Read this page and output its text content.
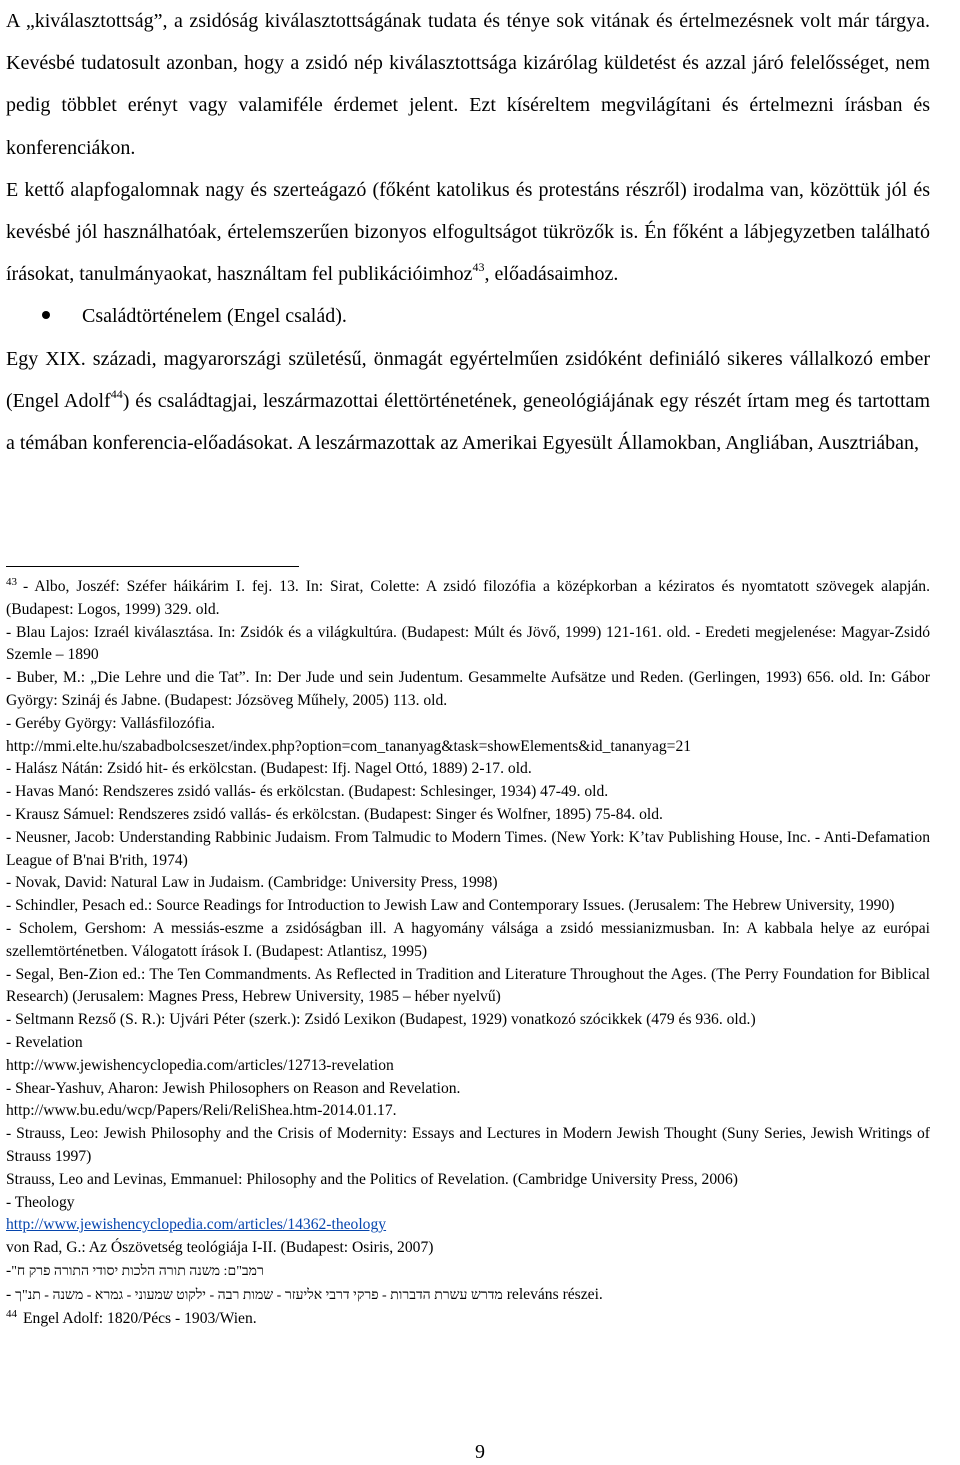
A „kiválasztottság”, a zsidóság kiválasztottságának tudata és ténye sok vitának és értelmezésnek volt már tárgya. Kevésbé tudatosult azonban, hogy a zsidó nép kiválasztottsága kizárólag küldetést és azzal járó felelősséget, nem pedig többlet erényt vagy valamiféle érdemet jelent. Ezt kíséreltem megvilágítani és értelmezni írásban és konferenciákon.

E kettő alapfogalomnak nagy és szerteágazó (főként katolikus és protestáns részről) irodalma van, közöttük jól és kevésbé jól használhatóak, értelemszerűen bizonyos elfogultságot tükrözők is. Én főként a lábjegyzetben található írásokat, tanulmányaokat, használtam fel publikációimhoz$^{43}$, előadásaimhoz.

Családtörténelem (Engel család).

Egy XIX. századi, magyarországi születésű, önmagát egyértelműen zsidóként definiáló sikeres vállalkozó ember (Engel Adolf$^{44}$) és családtagjai, leszármazottai élettörténetének, geneológiájának egy részét írtam meg és tartottam a témában konferencia-előadásokat. A leszármazottak az Amerikai Egyesült Államokban, Angliában, Ausztriában,

$^{43}$ - Albo, Joszéf: Széfer háikárim I. fej. 13. In: Sirat, Colette: A zsidó filozófia a középkorban a kéziratos és nyomtatott szövegek alapján. (Budapest: Logos, 1999) 329. old.

- Blau Lajos: Izraél kiválasztása. In: Zsidók és a világkultúra. (Budapest: Múlt és Jövő, 1999) 121-161. old. - Eredeti megjelenése: Magyar-Zsidó Szemle – 1890

- Buber, M.: „Die Lehre und die Tat”. In: Der Jude und sein Judentum. Gesammelte Aufsätze und Reden. (Gerlingen, 1993) 656. old. In: Gábor György: Szináj és Jabne. (Budapest: Józsöveg Műhely, 2005) 113. old.

- Geréby György: Vallásfilozófia.

http://mmi.elte.hu/szabadbolcseszet/index.php?option=com_tananyag&task=showElements&id_tananyag=21

- Halász Nátán: Zsidó hit- és erkölcstan. (Budapest: Ifj. Nagel Ottó, 1889) 2-17. old.

- Havas Manó: Rendszeres zsidó vallás- és erkölcstan. (Budapest: Schlesinger, 1934) 47-49. old.

- Krausz Sámuel: Rendszeres zsidó vallás- és erkölcstan. (Budapest: Singer és Wolfner, 1895) 75-84. old.

- Neusner, Jacob: Understanding Rabbinic Judaism. From Talmudic to Modern Times. (New York: K’tav Publishing House, Inc. - Anti-Defamation League of B'nai B'rith, 1974)

- Novak, David: Natural Law in Judaism. (Cambridge: University Press, 1998)

- Schindler, Pesach ed.: Source Readings for Introduction to Jewish Law and Contemporary Issues. (Jerusalem: The Hebrew University, 1990)

- Scholem, Gershom: A messiás-eszme a zsidóságban ill. A hagyomány válsága a zsidó messianizmusban. In: A kabbala helye az európai szellemtörténetben. Válogatott írások I. (Budapest: Atlantisz, 1995)

- Segal, Ben-Zion ed.: The Ten Commandments. As Reflected in Tradition and Literature Throughout the Ages. (The Perry Foundation for Biblical Research) (Jerusalem: Magnes Press, Hebrew University, 1985 – héber nyelvű)

- Seltmann Rezső (S. R.): Ujvári Péter (szerk.): Zsidó Lexikon (Budapest, 1929) vonatkozó szócikkek (479 és 936. old.)

- Revelation

http://www.jewishencyclopedia.com/articles/12713-revelation

- Shear-Yashuv, Aharon: Jewish Philosophers on Reason and Revelation.

http://www.bu.edu/wcp/Papers/Reli/ReliShea.htm-2014.01.17.

- Strauss, Leo: Jewish Philosophy and the Crisis of Modernity: Essays and Lectures in Modern Jewish Thought (Suny Series, Jewish Writings of Strauss 1997)

Strauss, Leo and Levinas, Emmanuel: Philosophy and the Politics of Revelation. (Cambridge University Press, 2006)

- Theology

http://www.jewishencyclopedia.com/articles/14362-theology

von Rad, G.: Az Ószövetség teológiája I-II. (Budapest: Osiris, 2007)

-רמב"ם: משנה תורה הלכות יסודי התורה פרק ח"

- מדרש עשרת הדברות - פרקי דרבי אליעזר - שמות רבה - ילקוט שמעוני - גמרא - משנה - תנ"ך releváns részei.

$^{44}$ Engel Adolf: 1820/Pécs - 1903/Wien.

9
